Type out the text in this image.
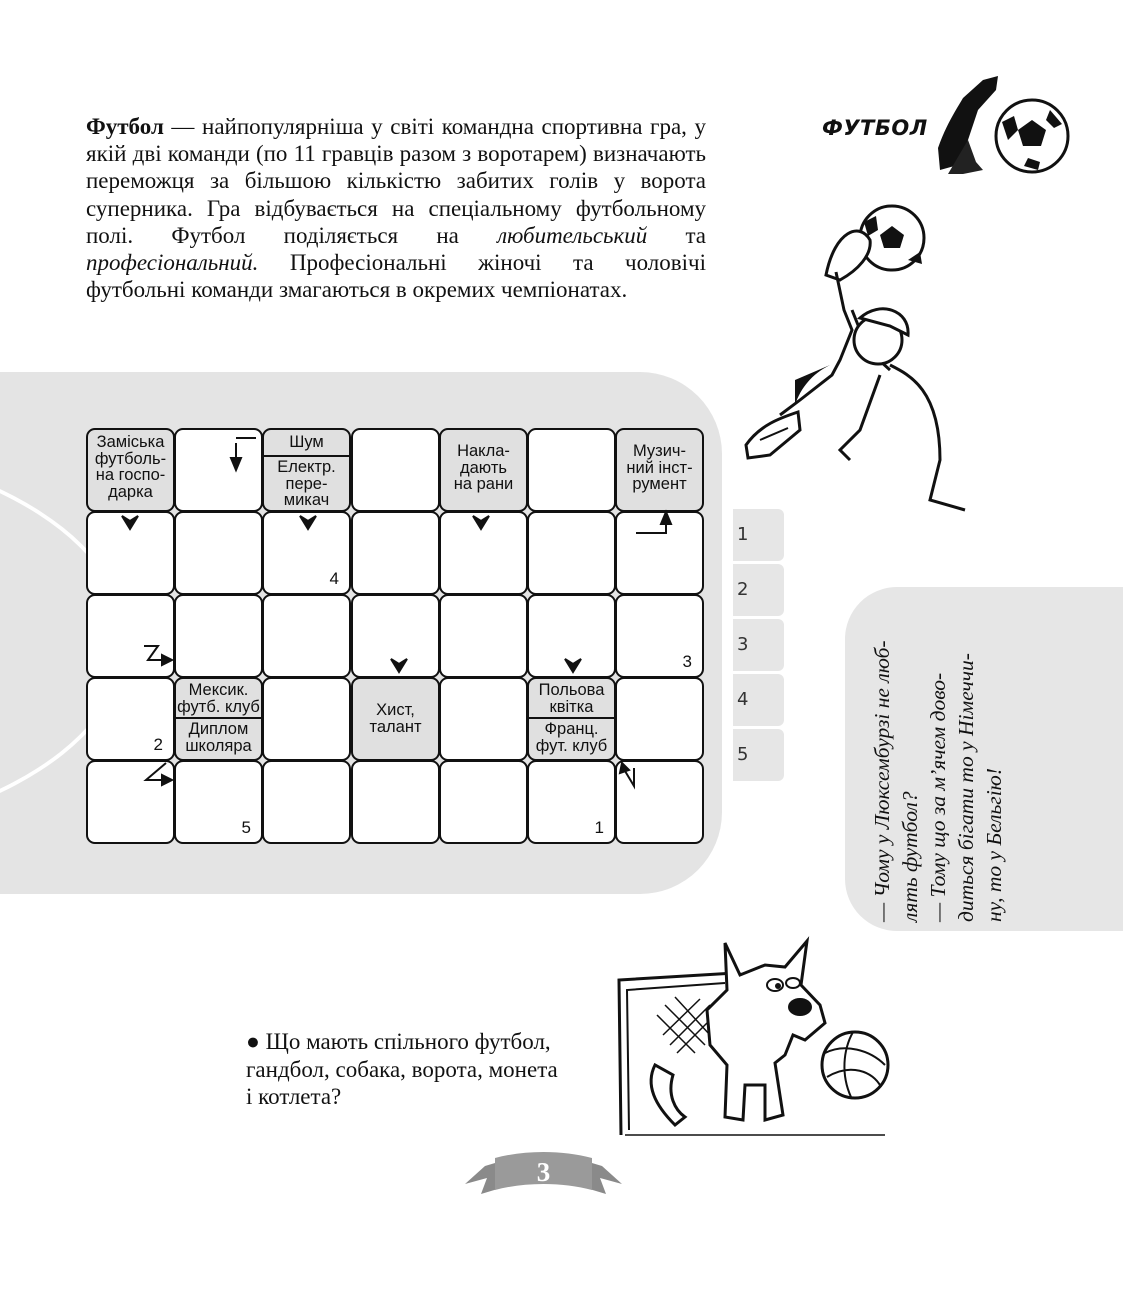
Футбол — найпопулярніша у світі командна спортивна гра, у якій дві команди (по 11 гравців разом з воротарем) визначають переможця за більшою кількістю забитих голів у ворота суперника. Гра відбувається на спеціальному футбольному полі. Футбол поділяється на любительський та професіональний. Професіональні жіночі та чоловічі футбольні команди змагаються в окремих чемпіонатах.

ФУТБОЛ
Заміська
футболь-
на госпо-
дарка
Шум
Електр.
пере-
микач
Накла-
дають
на рани
Музич-
ний інст-
румент
4
3
2
Мексик.
футб. клуб
Диплом
школяра
Хист,
талант
Польова
квітка
Франц.
фут. клуб
5	1
1
2
3
4
5	— Чому у Люксембурзі не люб- лять футбол? — Тому що за м’ячем дово- диться бігати то у Німеччи- ну, то у Бельгію!

● Що мають спільного футбол, гандбол, собака, ворота, монета і котлета?

3
